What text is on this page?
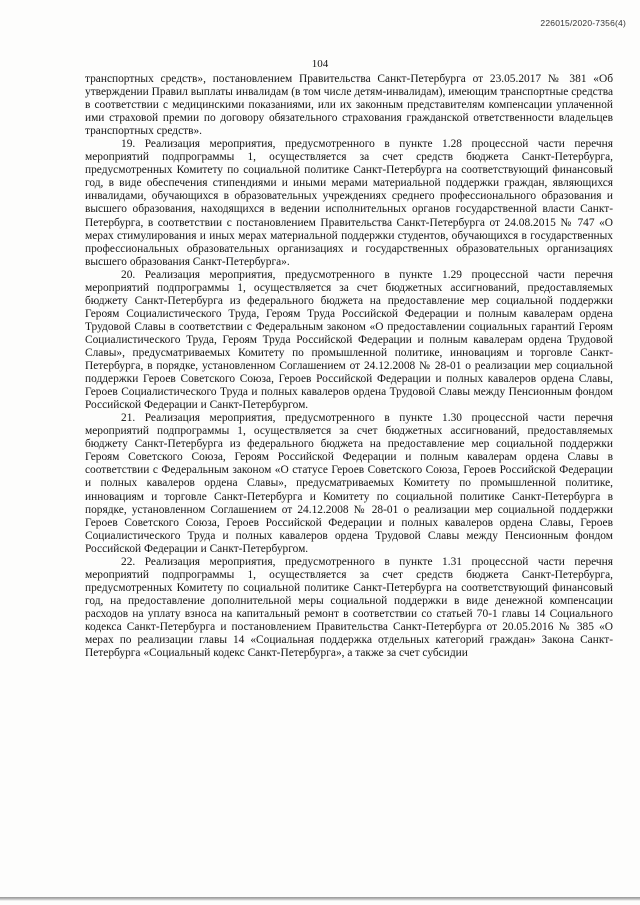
226015/2020-7356(4)
104

транспортных средств», постановлением Правительства Санкт-Петербурга от 23.05.2017 № 381 «Об утверждении Правил выплаты инвалидам (в том числе детям-инвалидам), имеющим транспортные средства в соответствии с медицинскими показаниями, или их законным представителям компенсации уплаченной ими страховой премии по договору обязательного страхования гражданской ответственности владельцев транспортных средств».

19. Реализация мероприятия, предусмотренного в пункте 1.28 процессной части перечня мероприятий подпрограммы 1, осуществляется за счет средств бюджета Санкт-Петербурга, предусмотренных Комитету по социальной политике Санкт-Петербурга на соответствующий финансовый год, в виде обеспечения стипендиями и иными мерами материальной поддержки граждан, являющихся инвалидами, обучающихся в образовательных учреждениях среднего профессионального образования и высшего образования, находящихся в ведении исполнительных органов государственной власти Санкт-Петербурга, в соответствии с постановлением Правительства Санкт-Петербурга от 24.08.2015 № 747 «О мерах стимулирования и иных мерах материальной поддержки студентов, обучающихся в государственных профессиональных образовательных организациях и государственных образовательных организациях высшего образования Санкт-Петербурга».

20. Реализация мероприятия, предусмотренного в пункте 1.29 процессной части перечня мероприятий подпрограммы 1, осуществляется за счет бюджетных ассигнований, предоставляемых бюджету Санкт-Петербурга из федерального бюджета на предоставление мер социальной поддержки Героям Социалистического Труда, Героям Труда Российской Федерации и полным кавалерам ордена Трудовой Славы в соответствии с Федеральным законом «О предоставлении социальных гарантий Героям Социалистического Труда, Героям Труда Российской Федерации и полным кавалерам ордена Трудовой Славы», предусматриваемых Комитету по промышленной политике, инновациям и торговле Санкт-Петербурга, в порядке, установленном Соглашением от 24.12.2008 № 28-01 о реализации мер социальной поддержки Героев Советского Союза, Героев Российской Федерации и полных кавалеров ордена Славы, Героев Социалистического Труда и полных кавалеров ордена Трудовой Славы между Пенсионным фондом Российской Федерации и Санкт-Петербургом.

21. Реализация мероприятия, предусмотренного в пункте 1.30 процессной части перечня мероприятий подпрограммы 1, осуществляется за счет бюджетных ассигнований, предоставляемых бюджету Санкт-Петербурга из федерального бюджета на предоставление мер социальной поддержки Героям Советского Союза, Героям Российской Федерации и полным кавалерам ордена Славы в соответствии с Федеральным законом «О статусе Героев Советского Союза, Героев Российской Федерации и полных кавалеров ордена Славы», предусматриваемых Комитету по промышленной политике, инновациям и торговле Санкт-Петербурга и Комитету по социальной политике Санкт-Петербурга в порядке, установленном Соглашением от 24.12.2008 № 28-01 о реализации мер социальной поддержки Героев Советского Союза, Героев Российской Федерации и полных кавалеров ордена Славы, Героев Социалистического Труда и полных кавалеров ордена Трудовой Славы между Пенсионным фондом Российской Федерации и Санкт-Петербургом.

22. Реализация мероприятия, предусмотренного в пункте 1.31 процессной части перечня мероприятий подпрограммы 1, осуществляется за счет средств бюджета Санкт-Петербурга, предусмотренных Комитету по социальной политике Санкт-Петербурга на соответствующий финансовый год, на предоставление дополнительной меры социальной поддержки в виде денежной компенсации расходов на уплату взноса на капитальный ремонт в соответствии со статьей 70-1 главы 14 Социального кодекса Санкт-Петербурга и постановлением Правительства Санкт-Петербурга от 20.05.2016 № 385 «О мерах по реализации главы 14 «Социальная поддержка отдельных категорий граждан» Закона Санкт-Петербурга «Социальный кодекс Санкт-Петербурга», а также за счет субсидии
